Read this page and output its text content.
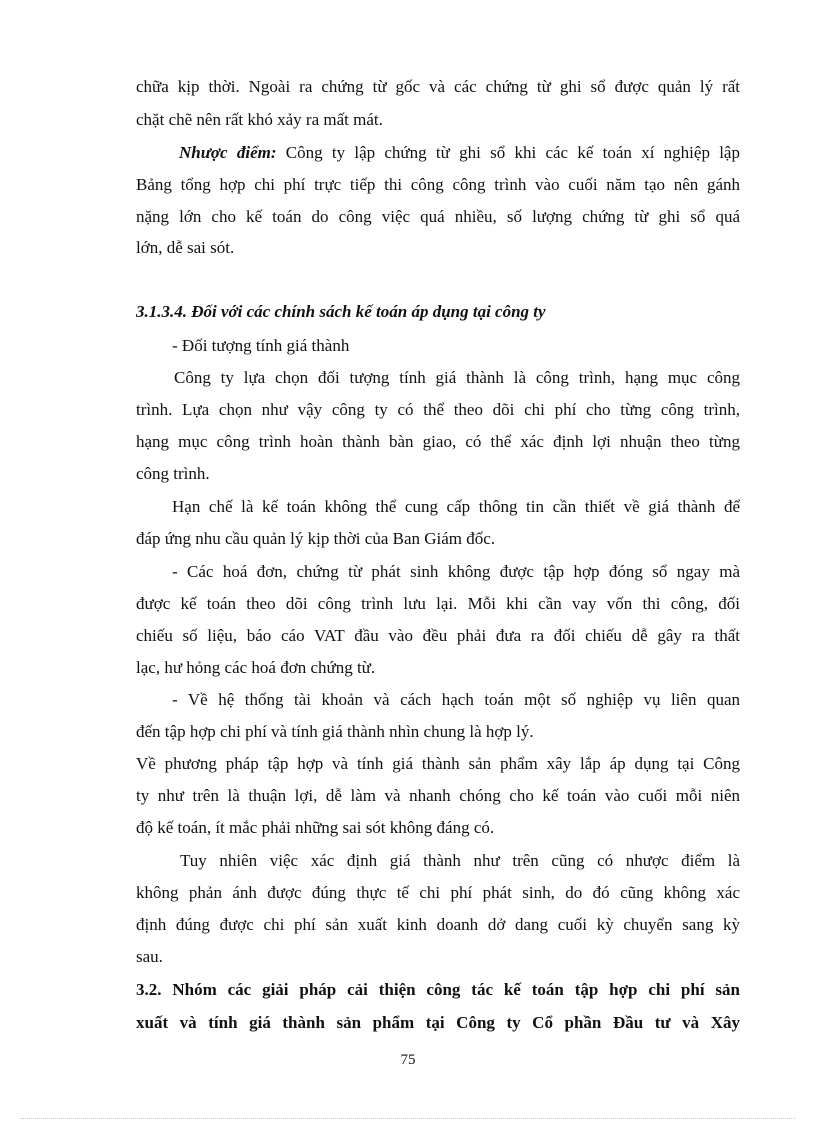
chữa kịp thời. Ngoài ra chứng từ gốc và các chứng từ ghi sổ được quản lý rất
chặt chẽ nên rất khó xảy ra mất mát.
Nhược điểm: Công ty lập chứng từ ghi sổ khi các kế toán xí nghiệp lập
Bảng tổng hợp chi phí trực tiếp thi công công trình vào cuối năm tạo nên gánh
nặng lớn cho kế toán do công việc quá nhiều, số lượng chứng từ ghi sổ quá
lớn, dễ sai sót.
3.1.3.4. Đối với các chính sách kế toán áp dụng tại công ty
- Đối tượng tính giá thành
Công ty lựa chọn đối tượng tính giá thành là công trình, hạng mục công
trình. Lựa chọn như vậy công ty có thể theo dõi chi phí cho từng công trình,
hạng mục công trình hoàn thành bàn giao, có thể xác định lợi nhuận theo từng
công trình.
Hạn chế là kế toán không thể cung cấp thông tin cần thiết về giá thành để
đáp ứng nhu cầu quản lý kịp thời của Ban Giám đốc.
- Các hoá đơn, chứng từ phát sinh không được tập hợp đóng sổ ngay mà
được kế toán theo dõi công trình lưu lại. Mỗi khi cần vay vốn thi công, đối
chiếu số liệu, báo cáo VAT đầu vào đều phải đưa ra đối chiếu dễ gây ra thất
lạc, hư hỏng các hoá đơn chứng từ.
- Về hệ thống tài khoản và cách hạch toán một số nghiệp vụ liên quan
đến tập hợp chi phí và tính giá thành nhìn chung là hợp lý.
Về phương pháp tập hợp và tính giá thành sản phẩm xây lắp áp dụng tại Công
ty như trên là thuận lợi, dễ làm và nhanh chóng cho kế toán vào cuối mỗi niên
độ kế toán, ít mắc phải những sai sót không đáng có.
Tuy nhiên việc xác định giá thành như trên cũng có nhược điểm là
không phản ánh được đúng thực tế chi phí phát sinh, do đó cũng không xác
định đúng được chi phí sản xuất kinh doanh dở dang cuối kỳ chuyển sang kỳ
sau.
3.2. Nhóm các giải pháp cải thiện công tác kế toán tập hợp chi phí sản
xuất và tính giá thành sản phẩm tại Công ty Cổ phần Đầu tư và Xây
75
